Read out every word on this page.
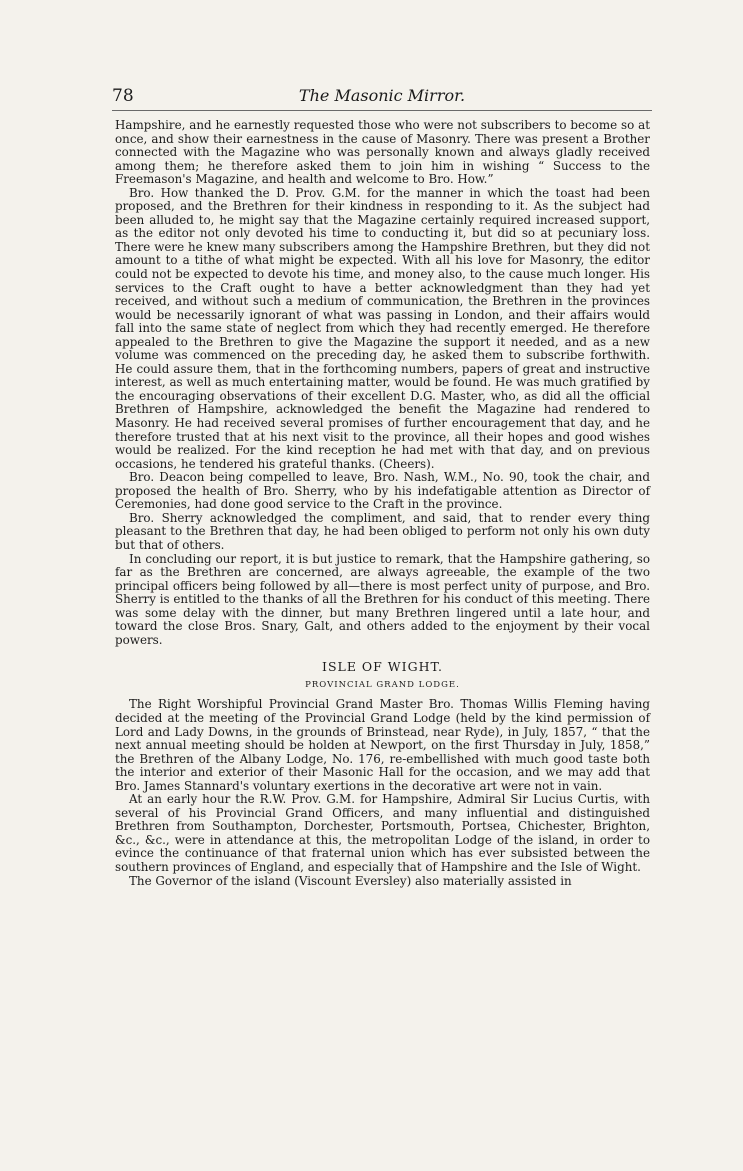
78	The Masonic Mirror.

Hampshire, and he earnestly requested those who were not subscribers to become so at once, and show their earnestness in the cause of Masonry. There was present a Brother connected with the Magazine who was personally known and always gladly received among them; he therefore asked them to join him in wishing “ Success to the Freemason's Magazine, and health and welcome to Bro. How.”

Bro. How thanked the D. Prov. G.M. for the manner in which the toast had been proposed, and the Brethren for their kindness in responding to it. As the subject had been alluded to, he might say that the Magazine certainly required increased support, as the editor not only devoted his time to conducting it, but did so at pecuniary loss. There were he knew many subscribers among the Hampshire Brethren, but they did not amount to a tithe of what might be expected. With all his love for Masonry, the editor could not be expected to devote his time, and money also, to the cause much longer. His services to the Craft ought to have a better acknowledgment than they had yet received, and without such a medium of communication, the Brethren in the provinces would be necessarily ignorant of what was passing in London, and their affairs would fall into the same state of neglect from which they had recently emerged. He therefore appealed to the Brethren to give the Magazine the support it needed, and as a new volume was commenced on the preceding day, he asked them to subscribe forthwith. He could assure them, that in the forthcoming numbers, papers of great and instructive interest, as well as much entertaining matter, would be found. He was much gratified by the encouraging observations of their excellent D.G. Master, who, as did all the official Brethren of Hampshire, acknowledged the benefit the Magazine had rendered to Masonry. He had received several promises of further encouragement that day, and he therefore trusted that at his next visit to the province, all their hopes and good wishes would be realized. For the kind reception he had met with that day, and on previous occasions, he tendered his grateful thanks. (Cheers).

Bro. Deacon being compelled to leave, Bro. Nash, W.M., No. 90, took the chair, and proposed the health of Bro. Sherry, who by his indefatigable attention as Director of Ceremonies, had done good service to the Craft in the province.

Bro. Sherry acknowledged the compliment, and said, that to render every thing pleasant to the Brethren that day, he had been obliged to perform not only his own duty but that of others.

In concluding our report, it is but justice to remark, that the Hampshire gathering, so far as the Brethren are concerned, are always agreeable, the example of the two principal officers being followed by all—there is most perfect unity of purpose, and Bro. Sherry is entitled to the thanks of all the Brethren for his conduct of this meeting. There was some delay with the dinner, but many Brethren lingered until a late hour, and toward the close Bros. Snary, Galt, and others added to the enjoyment by their vocal powers.

ISLE OF WIGHT.
PROVINCIAL GRAND LODGE.

The Right Worshipful Provincial Grand Master Bro. Thomas Willis Fleming having decided at the meeting of the Provincial Grand Lodge (held by the kind permission of Lord and Lady Downs, in the grounds of Brinstead, near Ryde), in July, 1857, “ that the next annual meeting should be holden at Newport, on the first Thursday in July, 1858,” the Brethren of the Albany Lodge, No. 176, re-embellished with much good taste both the interior and exterior of their Masonic Hall for the occasion, and we may add that Bro. James Stannard's voluntary exertions in the decorative art were not in vain.

At an early hour the R.W. Prov. G.M. for Hampshire, Admiral Sir Lucius Curtis, with several of his Provincial Grand Officers, and many influential and distinguished Brethren from Southampton, Dorchester, Portsmouth, Portsea, Chichester, Brighton, &c., &c., were in attendance at this, the metropolitan Lodge of the island, in order to evince the continuance of that fraternal union which has ever subsisted between the southern provinces of England, and especially that of Hampshire and the Isle of Wight.

The Governor of the island (Viscount Eversley) also materially assisted in
